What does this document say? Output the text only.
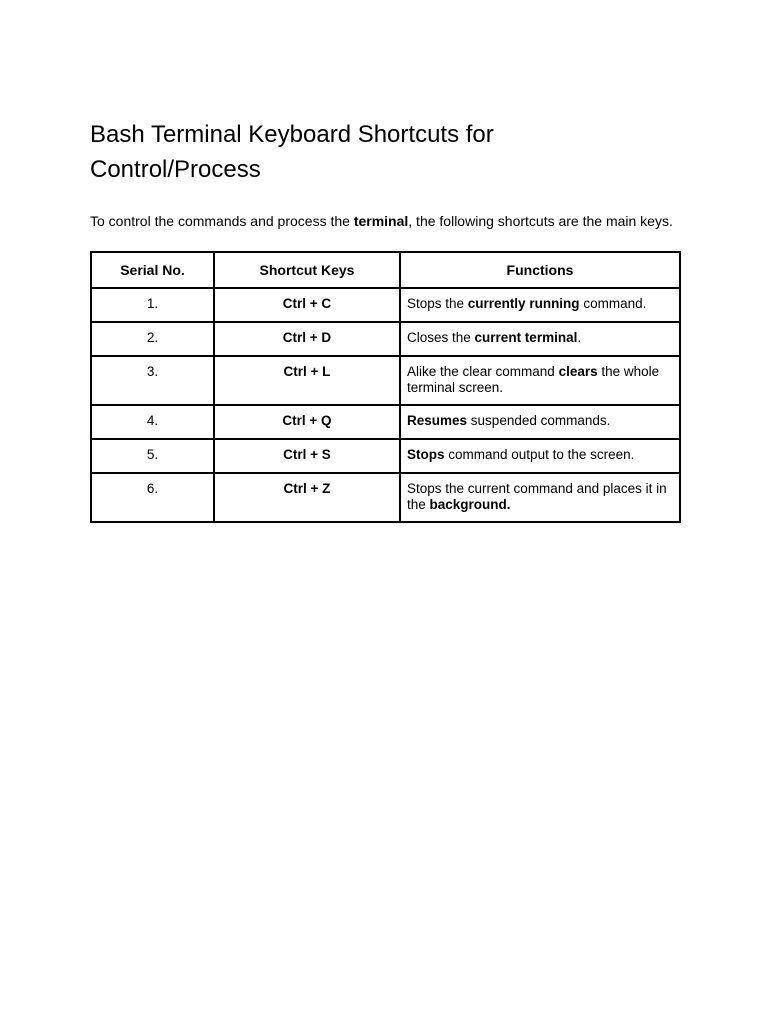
Bash Terminal Keyboard Shortcuts for
Control/Process

To control the commands and process the terminal, the following shortcuts are the main keys.

Serial No.	Shortcut Keys	Functions
1.	Ctrl + C	Stops the currently running command.
2.	Ctrl + D	Closes the current terminal.
3.	Ctrl + L	Alike the clear command clears the whole terminal screen.
4.	Ctrl + Q	Resumes suspended commands.
5.	Ctrl + S	Stops command output to the screen.
6.	Ctrl + Z	Stops the current command and places it in the background.
